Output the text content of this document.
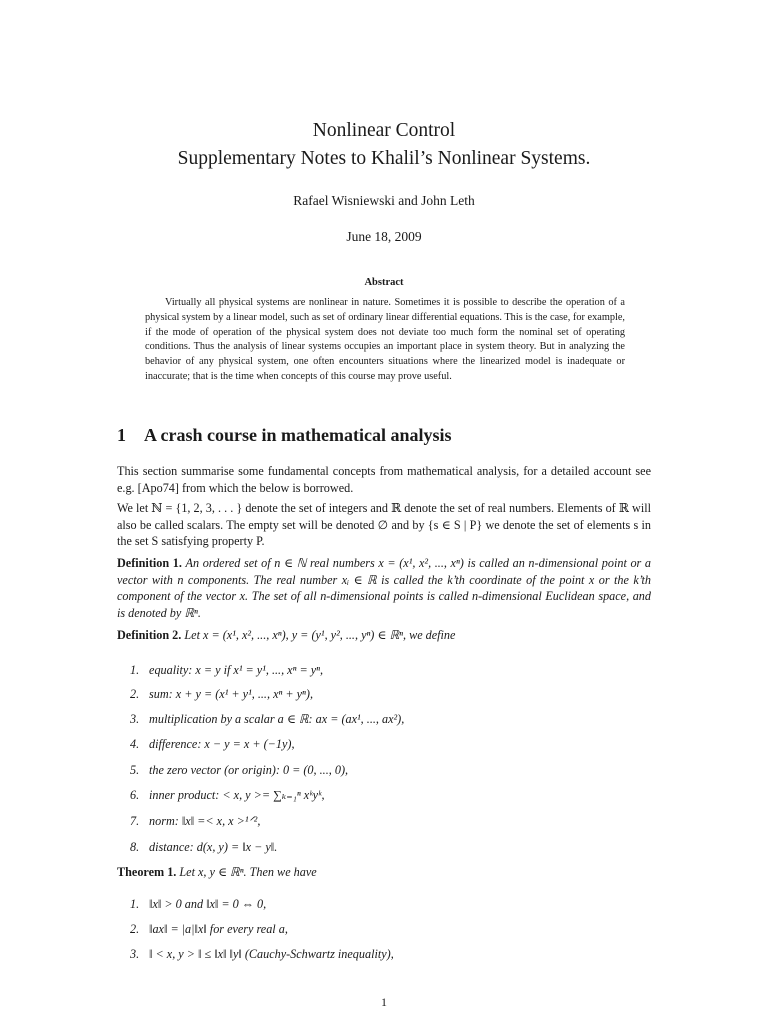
Nonlinear Control
Supplementary Notes to Khalil’s Nonlinear Systems.
Rafael Wisniewski and John Leth
June 18, 2009
Abstract

Virtually all physical systems are nonlinear in nature. Sometimes it is possible to describe the operation of a physical system by a linear model, such as set of ordinary linear differential equations. This is the case, for example, if the mode of operation of the physical system does not deviate too much form the nominal set of operating conditions. Thus the analysis of linear systems occupies an important place in system theory. But in analyzing the behavior of any physical system, one often encounters situations where the linearized model is inadequate or inaccurate; that is the time when concepts of this course may prove useful.

1 A crash course in mathematical analysis

This section summarise some fundamental concepts from mathematical analysis, for a detailed account see e.g. [Apo74] from which the below is borrowed.

We let ℕ = {1, 2, 3, . . . } denote the set of integers and ℝ denote the set of real numbers. Elements of ℝ will also be called scalars. The empty set will be denoted ∅ and by {s ∈ S | P} we denote the set of elements s in the set S satisfying property P.

Definition 1. An ordered set of n ∈ ℕ real numbers x = (x¹, x², ..., xⁿ) is called an n-dimensional point or a vector with n components. The real number xᵢ ∈ ℝ is called the k’th coordinate of the point x or the k’th component of the vector x. The set of all n-dimensional points is called n-dimensional Euclidean space, and is denoted by ℝⁿ.

Definition 2. Let x = (x¹, x², ..., xⁿ), y = (y¹, y², ..., yⁿ) ∈ ℝⁿ, we define

1. equality: x = y if x¹ = y¹, ..., xⁿ = yⁿ,
2. sum: x + y = (x¹ + y¹, ..., xⁿ + yⁿ),
3. multiplication by a scalar a ∈ ℝ: ax = (ax¹, ..., ax²),
4. difference: x − y = x + (−1y),
5. the zero vector (or origin): 0 = (0, ..., 0),
6. inner product: < x, y >= ∑ₖ₌₁ⁿ xᵏyᵏ,
7. norm: ‖x‖ =< x, x >¹ᐟ²,
8. distance: d(x, y) = ‖x − y‖.

Theorem 1. Let x, y ∈ ℝⁿ. Then we have

1. ‖x‖ > 0 and ‖x‖ = 0 ⇔ 0,
2. ‖ax‖ = |a|‖x‖ for every real a,
3. ‖ < x, y > ‖ ≤ ‖x‖ ‖y‖ (Cauchy-Schwartz inequality),
1
